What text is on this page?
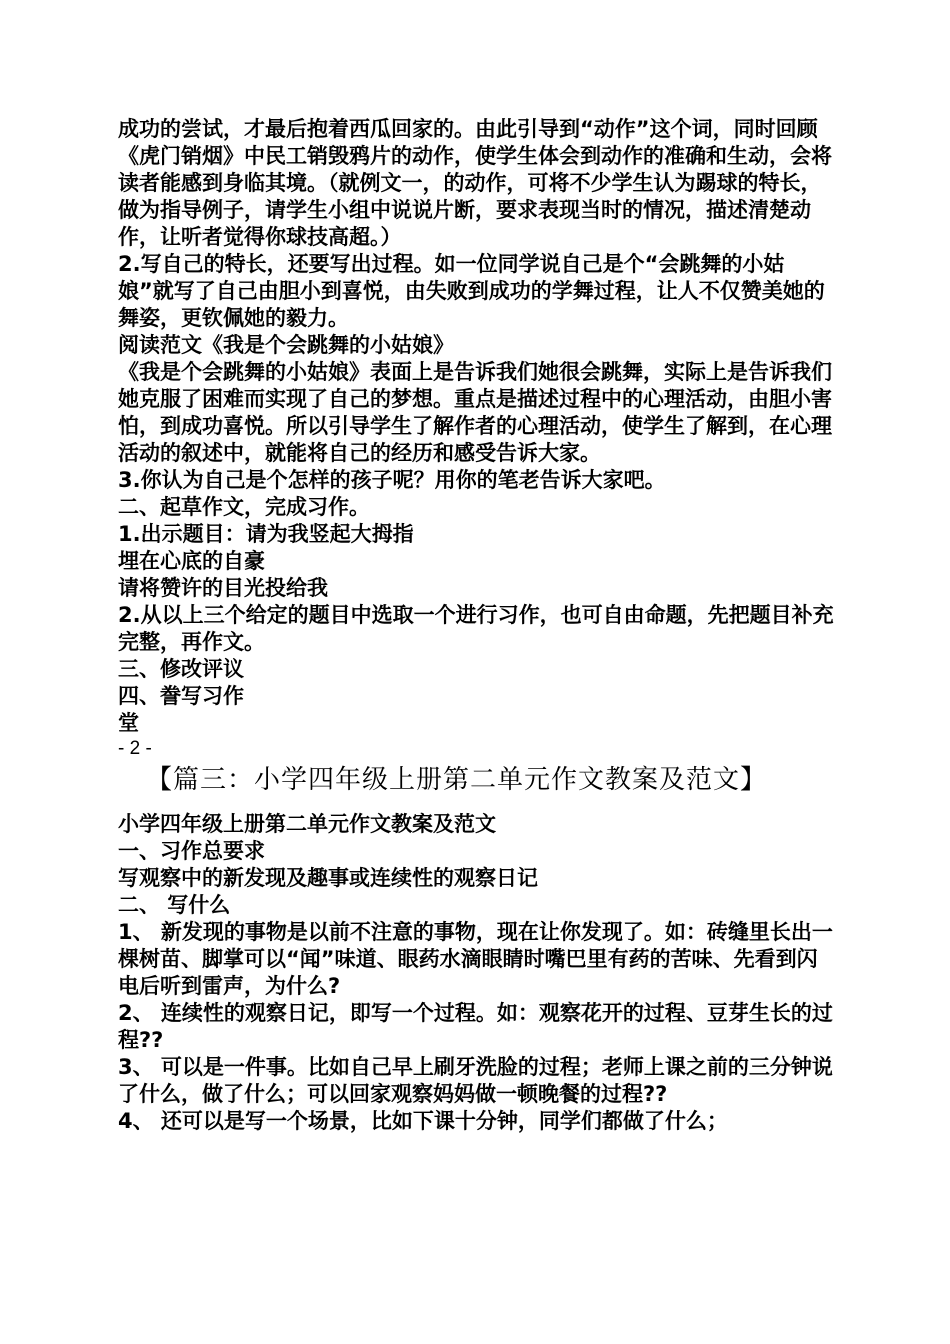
成功的尝试，才最后抱着西瓜回家的。由此引导到“动作”这个词，同时回顾《虎门销烟》中民工销毁鸦片的动作，使学生体会到动作的准确和生动，会将读者能感到身临其境。（就例文一，的动作，可将不少学生认为踢球的特长，做为指导例子，请学生小组中说说片断，要求表现当时的情况，描述清楚动作，让听者觉得你球技高超。）

2.写自己的特长，还要写出过程。如一位同学说自己是个“会跳舞的小姑娘”就写了自己由胆小到喜悦，由失败到成功的学舞过程，让人不仅赞美她的舞姿，更钦佩她的毅力。

阅读范文《我是个会跳舞的小姑娘》

《我是个会跳舞的小姑娘》表面上是告诉我们她很会跳舞，实际上是告诉我们她克服了困难而实现了自己的梦想。重点是描述过程中的心理活动，由胆小害怕，到成功喜悦。所以引导学生了解作者的心理活动，使学生了解到，在心理活动的叙述中，就能将自己的经历和感受告诉大家。

3.你认为自己是个怎样的孩子呢？用你的笔老告诉大家吧。

二、起草作文，完成习作。

1.出示题目：请为我竖起大拇指

埋在心底的自豪

请将赞许的目光投给我

2.从以上三个给定的题目中选取一个进行习作，也可自由命题，先把题目补充完整，再作文。

三、修改评议

四、誊写习作

堂

- 2 -

【篇三：小学四年级上册第二单元作文教案及范文】

小学四年级上册第二单元作文教案及范文

一、习作总要求

写观察中的新发现及趣事或连续性的观察日记

二、 写什么

1、 新发现的事物是以前不注意的事物，现在让你发现了。如：砖缝里长出一棵树苗、脚掌可以“闻”味道、眼药水滴眼睛时嘴巴里有药的苦味、先看到闪电后听到雷声，为什么?

2、 连续性的观察日记，即写一个过程。如：观察花开的过程、豆芽生长的过程??

3、 可以是一件事。比如自己早上刷牙洗脸的过程；老师上课之前的三分钟说了什么，做了什么；可以回家观察妈妈做一顿晚餐的过程??

4、 还可以是写一个场景，比如下课十分钟，同学们都做了什么；
